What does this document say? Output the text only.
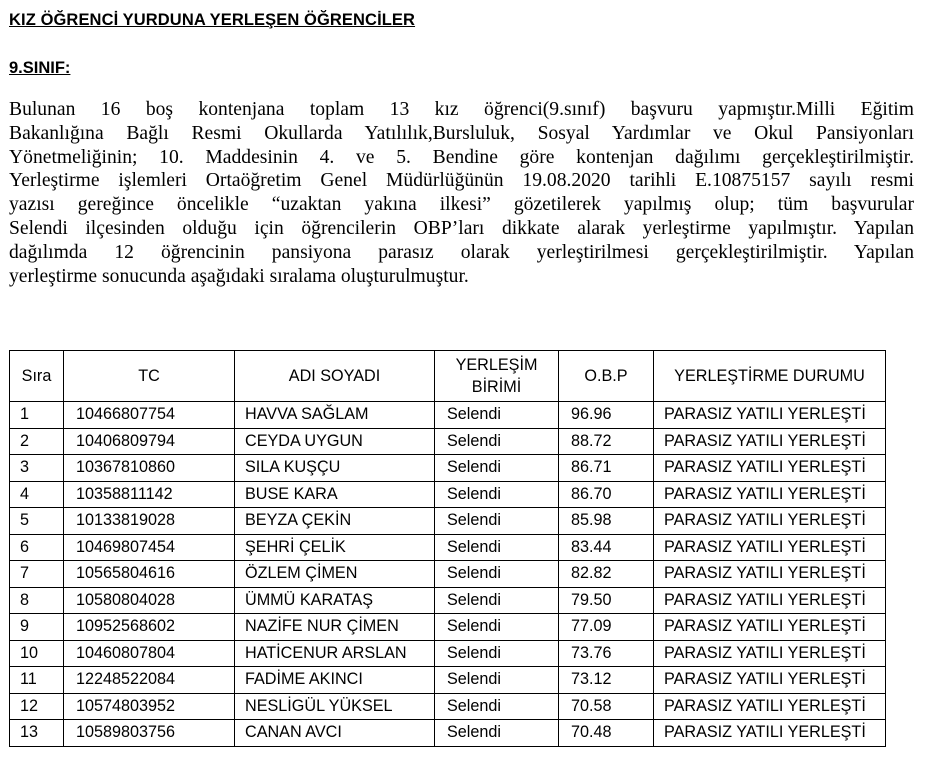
KIZ ÖĞRENCİ YURDUNA YERLEŞEN ÖĞRENCİLER
9.SINIF:
Bulunan 16 boş kontenjana toplam 13 kız öğrenci(9.sınıf) başvuru yapmıştır.Milli Eğitim
Bakanlığına Bağlı Resmi Okullarda Yatılılık,Bursluluk, Sosyal Yardımlar ve Okul Pansiyonları
Yönetmeliğinin; 10. Maddesinin 4. ve 5. Bendine göre kontenjan dağılımı gerçekleştirilmiştir.
Yerleştirme işlemleri Ortaöğretim Genel Müdürlüğünün 19.08.2020 tarihli E.10875157 sayılı resmi
yazısı gereğince öncelikle “uzaktan yakına ilkesi” gözetilerek yapılmış olup; tüm başvurular
Selendi ilçesinden olduğu için öğrencilerin OBP’ları dikkate alarak yerleştirme yapılmıştır. Yapılan
dağılımda 12 öğrencinin pansiyona parasız olarak yerleştirilmesi gerçekleştirilmiştir. Yapılan
yerleştirme sonucunda aşağıdaki sıralama oluşturulmuştur.
Sıra	TC	ADI SOYADI	YERLEŞİM BİRİMİ	O.B.P	YERLEŞTİRME DURUMU
1	10466807754	HAVVA SAĞLAM	Selendi	96.96	PARASIZ YATILI YERLEŞTİ
2	10406809794	CEYDA UYGUN	Selendi	88.72	PARASIZ YATILI YERLEŞTİ
3	10367810860	SILA KUŞÇU	Selendi	86.71	PARASIZ YATILI YERLEŞTİ
4	10358811142	BUSE KARA	Selendi	86.70	PARASIZ YATILI YERLEŞTİ
5	10133819028	BEYZA ÇEKİN	Selendi	85.98	PARASIZ YATILI YERLEŞTİ
6	10469807454	ŞEHRİ ÇELİK	Selendi	83.44	PARASIZ YATILI YERLEŞTİ
7	10565804616	ÖZLEM ÇİMEN	Selendi	82.82	PARASIZ YATILI YERLEŞTİ
8	10580804028	ÜMMÜ KARATAŞ	Selendi	79.50	PARASIZ YATILI YERLEŞTİ
9	10952568602	NAZİFE NUR ÇİMEN	Selendi	77.09	PARASIZ YATILI YERLEŞTİ
10	10460807804	HATİCENUR ARSLAN	Selendi	73.76	PARASIZ YATILI YERLEŞTİ
11	12248522084	FADİME AKINCI	Selendi	73.12	PARASIZ YATILI YERLEŞTİ
12	10574803952	NESLİGÜL YÜKSEL	Selendi	70.58	PARASIZ YATILI YERLEŞTİ
13	10589803756	CANAN AVCI	Selendi	70.48	PARASIZ YATILI YERLEŞTİ
